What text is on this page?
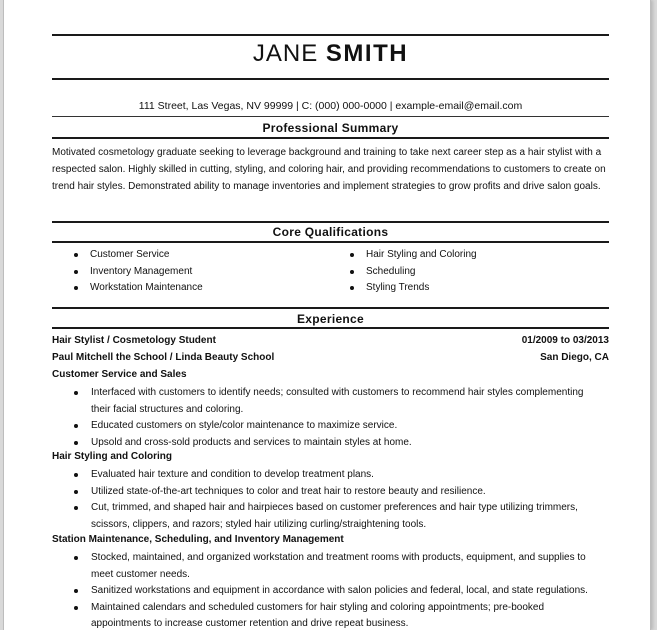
JANE SMITH
111 Street, Las Vegas, NV 99999 | C: (000) 000-0000 | example-email@email.com
Professional Summary
Motivated cosmetology graduate seeking to leverage background and training to take next career step as a hair stylist with a respected salon. Highly skilled in cutting, styling, and coloring hair, and providing recommendations to customers to create on trend hair styles. Demonstrated ability to manage inventories and implement strategies to grow profits and drive salon goals.
Core Qualifications
Customer Service
Inventory Management
Workstation Maintenance
Hair Styling and Coloring
Scheduling
Styling Trends
Experience
Hair Stylist / Cosmetology Student	01/2009 to 03/2013
Paul Mitchell the School / Linda Beauty School	San Diego, CA
Customer Service and Sales
Interfaced with customers to identify needs; consulted with customers to recommend hair styles complementing their facial structures and coloring.
Educated customers on style/color maintenance to maximize service.
Upsold and cross-sold products and services to maintain styles at home.
Hair Styling and Coloring
Evaluated hair texture and condition to develop treatment plans.
Utilized state-of-the-art techniques to color and treat hair to restore beauty and resilience.
Cut, trimmed, and shaped hair and hairpieces based on customer preferences and hair type utilizing trimmers, scissors, clippers, and razors; styled hair utilizing curling/straightening tools.
Station Maintenance, Scheduling, and Inventory Management
Stocked, maintained, and organized workstation and treatment rooms with products, equipment, and supplies to meet customer needs.
Sanitized workstations and equipment in accordance with salon policies and federal, local, and state regulations.
Maintained calendars and scheduled customers for hair styling and coloring appointments; pre-booked appointments to increase customer retention and drive repeat business.
